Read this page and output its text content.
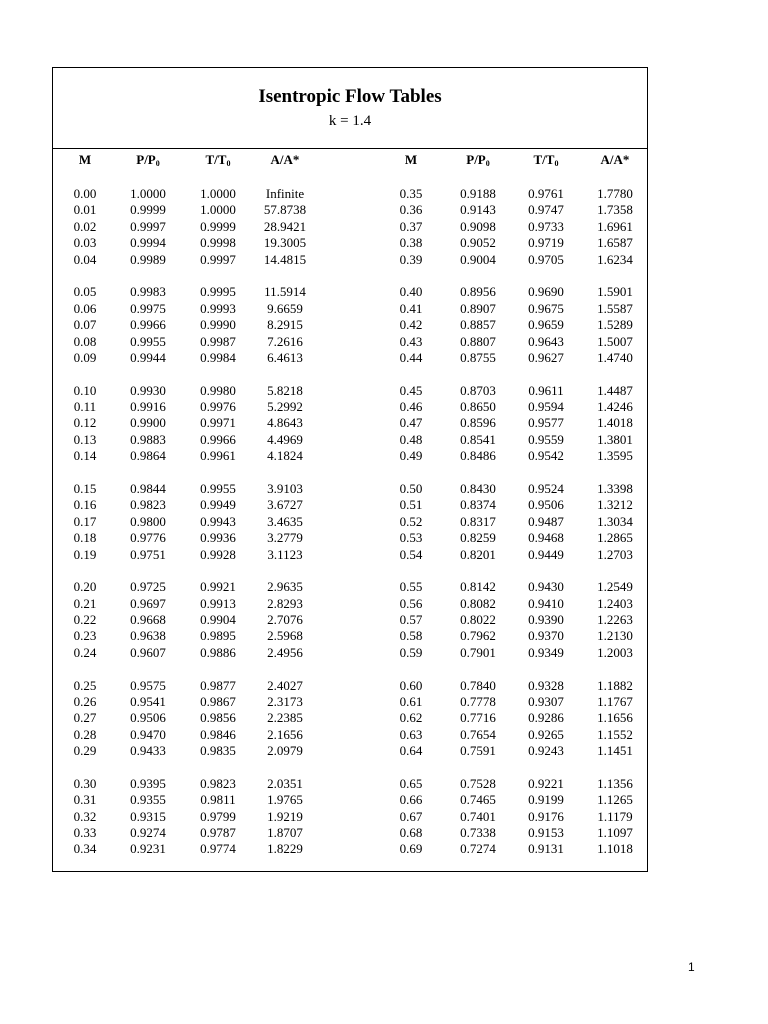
Isentropic Flow Tables
k = 1.4
M	$P/P_0$	$T/T_0$	A/A*	M	$P/P_0$	$T/T_0$	A/A*
0.00	1.0000	1.0000	Infinite
0.01	0.9999	1.0000	57.8738
0.02	0.9997	0.9999	28.9421
0.03	0.9994	0.9998	19.3005
0.04	0.9989	0.9997	14.4815
0.05	0.9983	0.9995	11.5914
0.06	0.9975	0.9993	9.6659
0.07	0.9966	0.9990	8.2915
0.08	0.9955	0.9987	7.2616
0.09	0.9944	0.9984	6.4613
0.10	0.9930	0.9980	5.8218
0.11	0.9916	0.9976	5.2992
0.12	0.9900	0.9971	4.8643
0.13	0.9883	0.9966	4.4969
0.14	0.9864	0.9961	4.1824
0.15	0.9844	0.9955	3.9103
0.16	0.9823	0.9949	3.6727
0.17	0.9800	0.9943	3.4635
0.18	0.9776	0.9936	3.2779
0.19	0.9751	0.9928	3.1123
0.20	0.9725	0.9921	2.9635
0.21	0.9697	0.9913	2.8293
0.22	0.9668	0.9904	2.7076
0.23	0.9638	0.9895	2.5968
0.24	0.9607	0.9886	2.4956
0.25	0.9575	0.9877	2.4027
0.26	0.9541	0.9867	2.3173
0.27	0.9506	0.9856	2.2385
0.28	0.9470	0.9846	2.1656
0.29	0.9433	0.9835	2.0979
0.30	0.9395	0.9823	2.0351
0.31	0.9355	0.9811	1.9765
0.32	0.9315	0.9799	1.9219
0.33	0.9274	0.9787	1.8707
0.34	0.9231	0.9774	1.8229
0.35	0.9188	0.9761	1.7780
0.36	0.9143	0.9747	1.7358
0.37	0.9098	0.9733	1.6961
0.38	0.9052	0.9719	1.6587
0.39	0.9004	0.9705	1.6234
0.40	0.8956	0.9690	1.5901
0.41	0.8907	0.9675	1.5587
0.42	0.8857	0.9659	1.5289
0.43	0.8807	0.9643	1.5007
0.44	0.8755	0.9627	1.4740
0.45	0.8703	0.9611	1.4487
0.46	0.8650	0.9594	1.4246
0.47	0.8596	0.9577	1.4018
0.48	0.8541	0.9559	1.3801
0.49	0.8486	0.9542	1.3595
0.50	0.8430	0.9524	1.3398
0.51	0.8374	0.9506	1.3212
0.52	0.8317	0.9487	1.3034
0.53	0.8259	0.9468	1.2865
0.54	0.8201	0.9449	1.2703
0.55	0.8142	0.9430	1.2549
0.56	0.8082	0.9410	1.2403
0.57	0.8022	0.9390	1.2263
0.58	0.7962	0.9370	1.2130
0.59	0.7901	0.9349	1.2003
0.60	0.7840	0.9328	1.1882
0.61	0.7778	0.9307	1.1767
0.62	0.7716	0.9286	1.1656
0.63	0.7654	0.9265	1.1552
0.64	0.7591	0.9243	1.1451
0.65	0.7528	0.9221	1.1356
0.66	0.7465	0.9199	1.1265
0.67	0.7401	0.9176	1.1179
0.68	0.7338	0.9153	1.1097
0.69	0.7274	0.9131	1.1018
1
